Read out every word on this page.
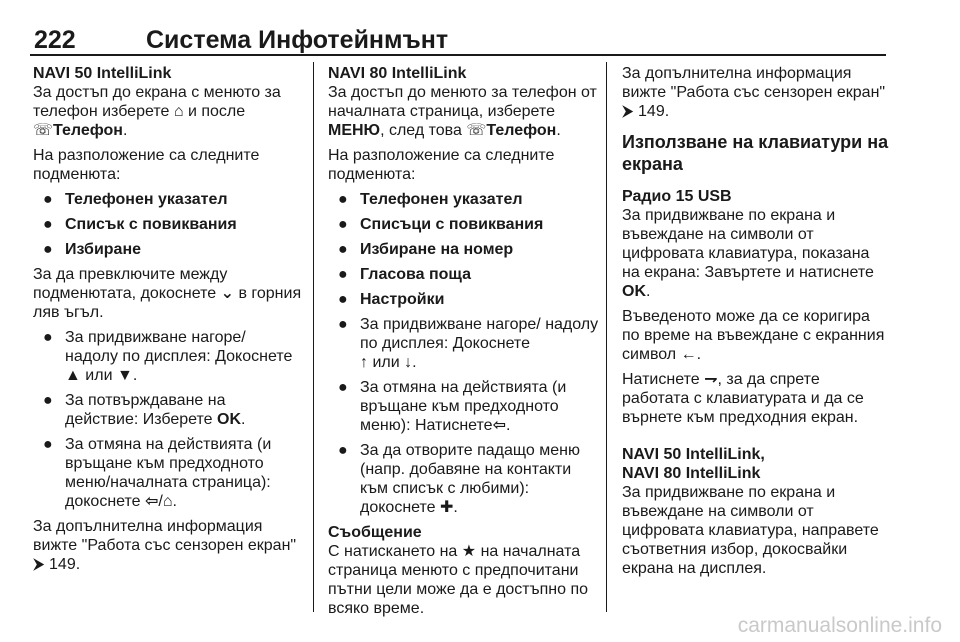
222	Система Инфотейнмънт

NAVI 50 IntelliLink

За достъп до екрана с менюто за телефон изберете ⌂ и после
☏Телефон.

На разположение са следните подменюта:

● Телефонен указател
● Списък с повиквания
● Избиране

За да превключите между подменютата, докоснете ⌄ в горния ляв ъгъл.

● За придвижване нагоре/ надолу по дисплея: Докоснете ▲ или ▼.
● За потвърждаване на действие: Изберете OK.
● За отмяна на действията (и връщане към предходното меню/началната страница): докоснете ⇦/⌂.

За допълнителна информация вижте "Работа със сензорен екран"
⮞ 149.

NAVI 80 IntelliLink

За достъп до менюто за телефон от началната страница, изберете МЕНЮ, след това ☏Телефон.

На разположение са следните подменюта:

● Телефонен указател
● Списъци с повиквания
● Избиране на номер
● Гласова поща
● Настройки
● За придвижване нагоре/ надолу по дисплея: Докоснете
↑ или ↓.
● За отмяна на действията (и връщане към предходното меню): Натиснете⇦.
● За да отворите падащо меню (напр. добавяне на контакти към списък с любими): докоснете ✚.

Съобщение

С натискането на ★ на началната страница менюто с предпочитани пътни цели може да е достъпно по всяко време.

За допълнителна информация вижте "Работа със сензорен екран"
⮞ 149.

Използване на клавиатури на екрана

Радио 15 USB

За придвижване по екрана и въвеждане на символи от цифровата клавиатура, показана на екрана: Завъртете и натиснете OK.

Въведеното може да се коригира по време на въвеждане с екранния символ ←.

Натиснете ⇁, за да спрете работата с клавиатурата и да се върнете към предходния екран.

NAVI 50 IntelliLink,
NAVI 80 IntelliLink

За придвижване по екрана и въвеждане на символи от цифровата клавиатура, направете съответния избор, докосвайки екрана на дисплея.

carmanualsonline.info
